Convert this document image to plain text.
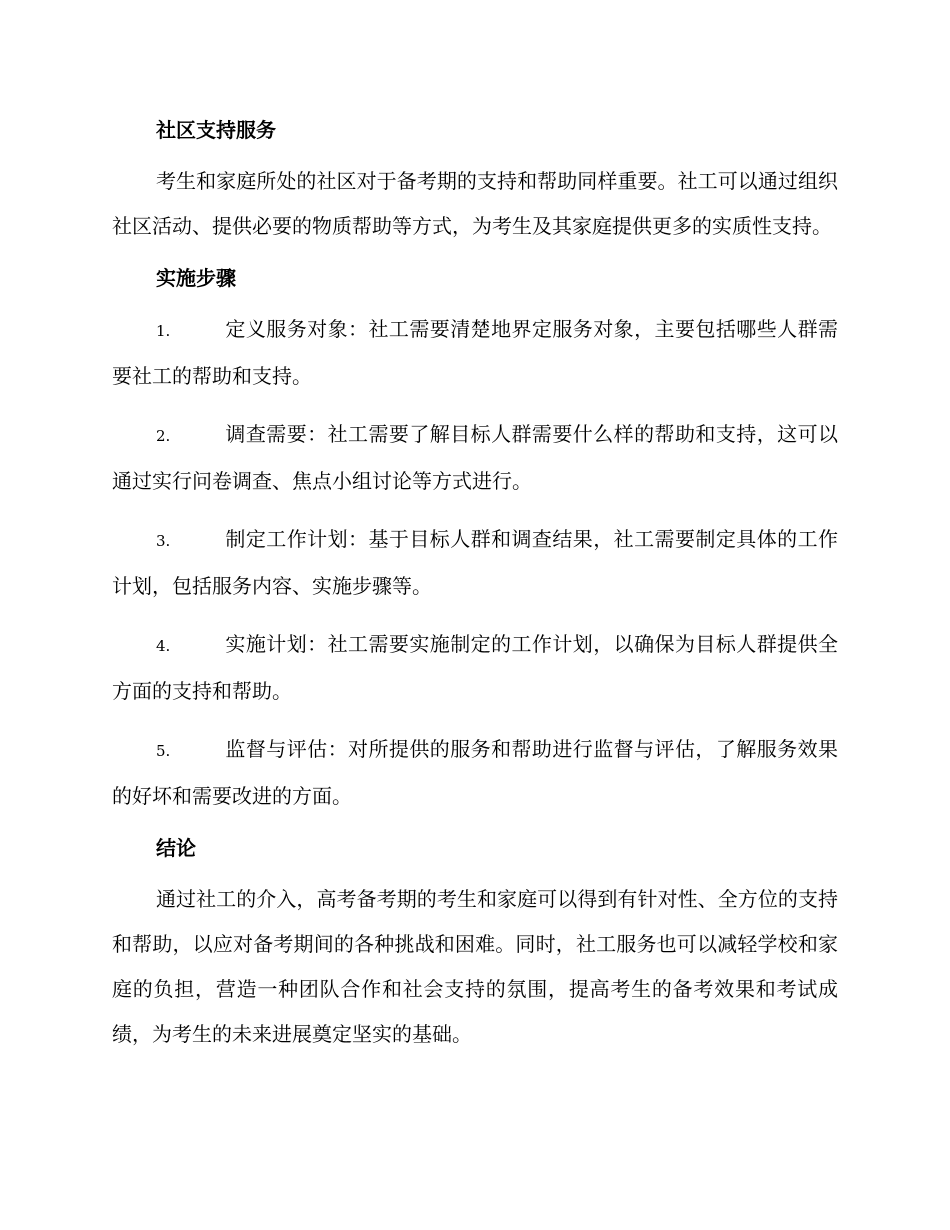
社区支持服务

考生和家庭所处的社区对于备考期的支持和帮助同样重要。社工可以通过组织社区活动、提供必要的物质帮助等方式，为考生及其家庭提供更多的实质性支持。

实施步骤

1.	定义服务对象：社工需要清楚地界定服务对象，主要包括哪些人群需要社工的帮助和支持。

2.	调查需要：社工需要了解目标人群需要什么样的帮助和支持，这可以通过实行问卷调查、焦点小组讨论等方式进行。

3.	制定工作计划：基于目标人群和调查结果，社工需要制定具体的工作计划，包括服务内容、实施步骤等。

4.	实施计划：社工需要实施制定的工作计划，以确保为目标人群提供全方面的支持和帮助。

5.	监督与评估：对所提供的服务和帮助进行监督与评估，了解服务效果的好坏和需要改进的方面。

结论

通过社工的介入，高考备考期的考生和家庭可以得到有针对性、全方位的支持和帮助，以应对备考期间的各种挑战和困难。同时，社工服务也可以减轻学校和家庭的负担，营造一种团队合作和社会支持的氛围，提高考生的备考效果和考试成绩，为考生的未来进展奠定坚实的基础。
